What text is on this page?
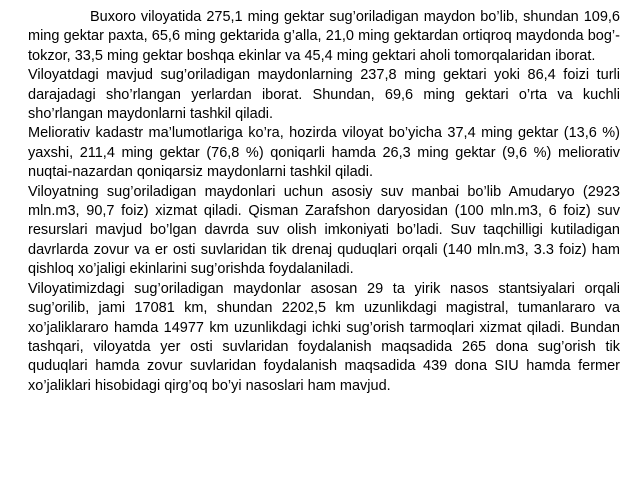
Buxoro viloyatida 275,1 ming gektar sug’oriladigan maydon bo’lib, shundan 109,6 ming gektar paxta, 65,6 ming gektarida g’alla, 21,0 ming gektardan ortiqroq maydonda bog’-tokzor, 33,5 ming gektar boshqa ekinlar va 45,4 ming gektari aholi tomorqalaridan iborat.

Viloyatdagi mavjud sug’oriladigan maydonlarning 237,8 ming gektari yoki 86,4 foizi turli darajadagi sho’rlangan yerlardan iborat. Shundan, 69,6 ming gektari o’rta va kuchli sho’rlangan maydonlarni tashkil qiladi.

Meliorativ kadastr ma’lumotlariga ko’ra, hozirda viloyat bo’yicha 37,4 ming gektar (13,6 %) yaxshi, 211,4 ming gektar (76,8 %) qoniqarli hamda 26,3 ming gektar (9,6 %) meliorativ nuqtai-nazardan qoniqarsiz maydonlarni tashkil qiladi.

Viloyatning sug’oriladigan maydonlari uchun asosiy suv manbai bo’lib Amudaryo (2923 mln.m3, 90,7 foiz) xizmat qiladi. Qisman Zarafshon daryosidan (100 mln.m3, 6 foiz) suv resurslari mavjud bo’lgan davrda suv olish imkoniyati bo’ladi. Suv taqchilligi kutiladigan davrlarda zovur va er osti suvlaridan tik drenaj quduqlari orqali (140 mln.m3, 3.3 foiz) ham qishloq xo’jaligi ekinlarini sug’orishda foydalaniladi.

Viloyatimizdagi sug’oriladigan maydonlar asosan 29 ta yirik nasos stantsiyalari orqali sug’orilib, jami 17081 km, shundan 2202,5 km uzunlikdagi magistral, tumanlararo va xo’jaliklararo hamda 14977 km uzunlikdagi ichki sug’orish tarmoqlari xizmat qiladi. Bundan tashqari, viloyatda yer osti suvlaridan foydalanish maqsadida 265 dona sug’orish tik quduqlari hamda zovur suvlaridan foydalanish maqsadida 439 dona SIU hamda fermer xo’jaliklari hisobidagi qirg’oq bo’yi nasoslari ham mavjud.
